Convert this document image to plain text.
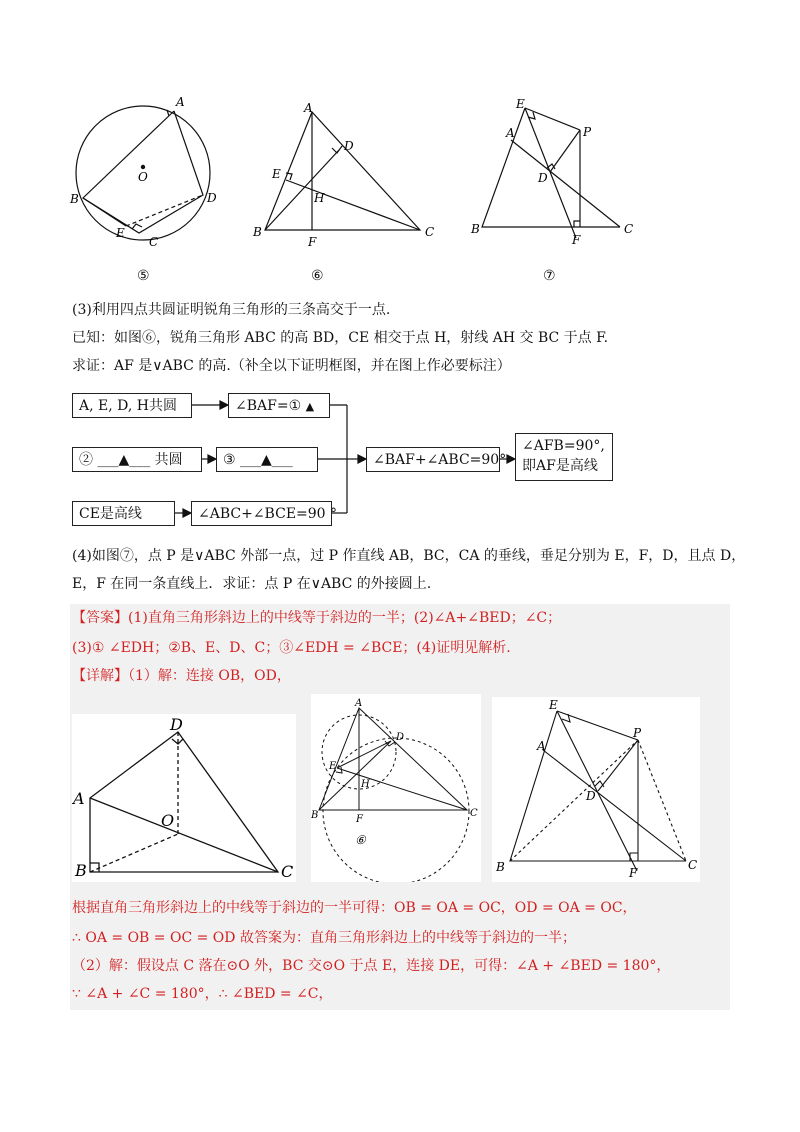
A
B
C
D
E
O
A
B	C
D
E
F
H
E
A	P
D
B
F
C
⑤	⑥	⑦
(3)利用四点共圆证明锐角三角形的三条高交于一点.
已知：如图⑥，锐角三角形 ABC 的高 BD，CE 相交于点 H，射线 AH 交 BC 于点 F.
求证：AF 是∨ABC 的高.（补全以下证明框图，并在图上作必要标注）
A, E, D, H共圆	∠BAF=① ▲
② ___▲___ 共圆	③ ___▲___
CE是高线	∠ABC+∠BCE=90 °
∠BAF+∠ABC=90°
∠AFB=90°,
即AF是高线
(4)如图⑦，点 P 是∨ABC 外部一点，过 P 作直线 AB，BC，CA 的垂线，垂足分别为 E，F，D，且点 D，
E，F 在同一条直线上．求证：点 P 在∨ABC 的外接圆上.
【答案】(1)直角三角形斜边上的中线等于斜边的一半；(2)∠A+∠BED；∠C；
(3)① ∠EDH；②B、E、D、C；③∠EDH = ∠BCE；(4)证明见解析.
【详解】（1）解：连接 OB，OD，
D
A
O
B	C
A
B	C
D
E
F
H
⑥
E
A
P
D
B	F
C
根据直角三角形斜边上的中线等于斜边的一半可得：OB = OA = OC，OD = OA = OC，
∴ OA = OB = OC = OD 故答案为：直角三角形斜边上的中线等于斜边的一半；
（2）解：假设点 C 落在⊙O 外，BC 交⊙O 于点 E，连接 DE，可得：∠A + ∠BED = 180°，
∵ ∠A + ∠C = 180°，∴ ∠BED = ∠C，
